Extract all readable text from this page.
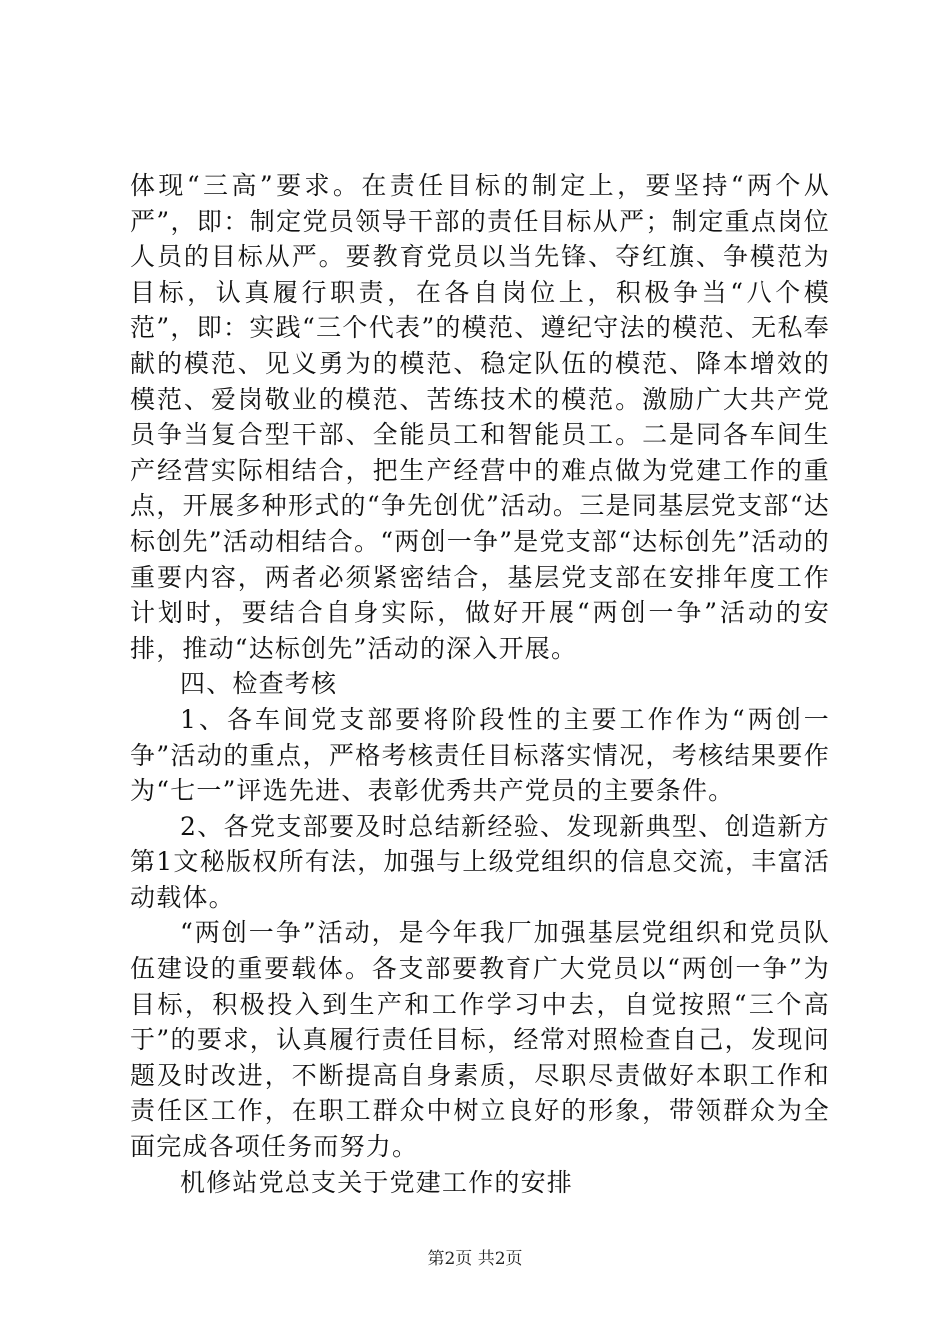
体现“三高”要求。在责任目标的制定上，要坚持“两个从严”，即：制定党员领导干部的责任目标从严；制定重点岗位人员的目标从严。要教育党员以当先锋、夺红旗、争模范为目标，认真履行职责，在各自岗位上，积极争当“八个模范”，即：实践“三个代表”的模范、遵纪守法的模范、无私奉献的模范、见义勇为的模范、稳定队伍的模范、降本增效的模范、爱岗敬业的模范、苦练技术的模范。激励广大共产党员争当复合型干部、全能员工和智能员工。二是同各车间生产经营实际相结合，把生产经营中的难点做为党建工作的重点，开展多种形式的“争先创优”活动。三是同基层党支部“达标创先”活动相结合。“两创一争”是党支部“达标创先”活动的重要内容，两者必须紧密结合，基层党支部在安排年度工作计划时，要结合自身实际，做好开展“两创一争”活动的安排，推动“达标创先”活动的深入开展。

四、检查考核

1、各车间党支部要将阶段性的主要工作作为“两创一争”活动的重点，严格考核责任目标落实情况，考核结果要作为“七一”评选先进、表彰优秀共产党员的主要条件。

2、各党支部要及时总结新经验、发现新典型、创造新方第1文秘版权所有法，加强与上级党组织的信息交流，丰富活动载体。

“两创一争”活动，是今年我厂加强基层党组织和党员队伍建设的重要载体。各支部要教育广大党员以“两创一争”为目标，积极投入到生产和工作学习中去，自觉按照“三个高于”的要求，认真履行责任目标，经常对照检查自己，发现问题及时改进，不断提高自身素质，尽职尽责做好本职工作和责任区工作，在职工群众中树立良好的形象，带领群众为全面完成各项任务而努力。

机修站党总支关于党建工作的安排

第2页 共2页
